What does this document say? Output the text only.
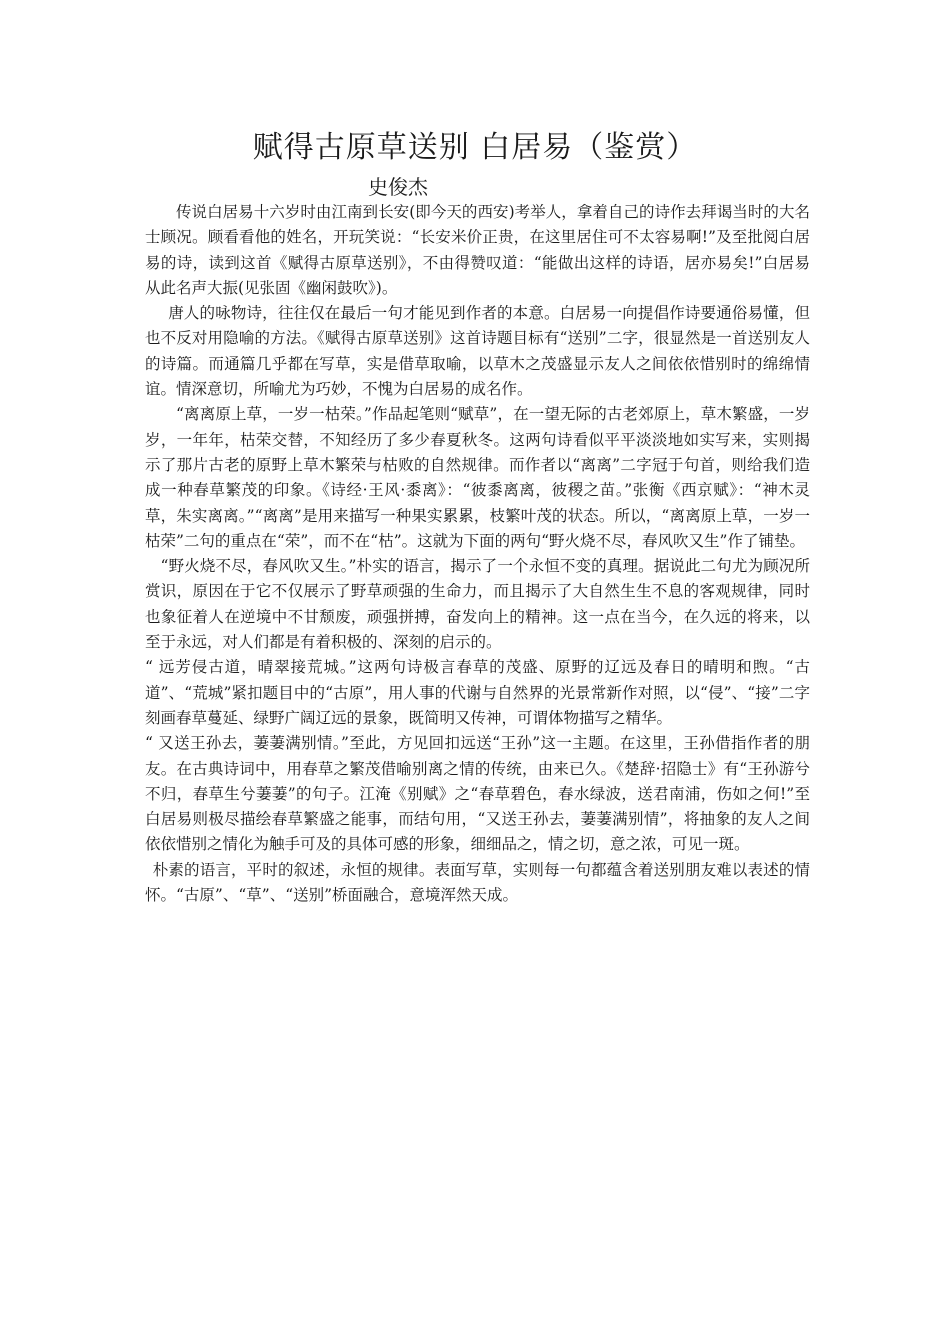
赋得古原草送别 白居易（鉴赏）
史俊杰

传说白居易十六岁时由江南到长安(即今天的西安)考举人，拿着自己的诗作去拜谒当时的大名士顾况。顾看看他的姓名，开玩笑说：“长安米价正贵，在这里居住可不太容易啊!”及至批阅白居易的诗，读到这首《赋得古原草送别》，不由得赞叹道：“能做出这样的诗语，居亦易矣!”白居易从此名声大振(见张固《幽闲鼓吹》)。

唐人的咏物诗，往往仅在最后一句才能见到作者的本意。白居易一向提倡作诗要通俗易懂，但也不反对用隐喻的方法。《赋得古原草送别》这首诗题目标有“送别”二字，很显然是一首送别友人的诗篇。而通篇几乎都在写草，实是借草取喻，以草木之茂盛显示友人之间依依惜别时的绵绵情谊。情深意切，所喻尤为巧妙，不愧为白居易的成名作。

“离离原上草，一岁一枯荣。”作品起笔则“赋草”，在一望无际的古老郊原上，草木繁盛，一岁岁，一年年，枯荣交替，不知经历了多少春夏秋冬。这两句诗看似平平淡淡地如实写来，实则揭示了那片古老的原野上草木繁荣与枯败的自然规律。而作者以“离离”二字冠于句首，则给我们造成一种春草繁茂的印象。《诗经·王风·黍离》：“彼黍离离，彼稷之苗。”张衡《西京赋》：“神木灵草，朱实离离。”“离离”是用来描写一种果实累累，枝繁叶茂的状态。所以，“离离原上草，一岁一枯荣”二句的重点在“荣”，而不在“枯”。这就为下面的两句“野火烧不尽，春风吹又生”作了铺垫。

“野火烧不尽，春风吹又生。”朴实的语言，揭示了一个永恒不变的真理。据说此二句尤为顾况所赏识，原因在于它不仅展示了野草顽强的生命力，而且揭示了大自然生生不息的客观规律，同时也象征着人在逆境中不甘颓废，顽强拼搏，奋发向上的精神。这一点在当今，在久远的将来，以至于永远，对人们都是有着积极的、深刻的启示的。

“ 远芳侵古道，晴翠接荒城。”这两句诗极言春草的茂盛、原野的辽远及春日的晴明和煦。“古道”、“荒城”紧扣题目中的“古原”，用人事的代谢与自然界的光景常新作对照，以“侵”、“接”二字刻画春草蔓延、绿野广阔辽远的景象，既简明又传神，可谓体物描写之精华。

“ 又送王孙去，萋萋满别情。”至此，方见回扣远送“王孙”这一主题。在这里，王孙借指作者的朋友。在古典诗词中，用春草之繁茂借喻别离之情的传统，由来已久。《楚辞·招隐士》有“王孙游兮不归，春草生兮萋萋”的句子。江淹《别赋》之“春草碧色，春水绿波，送君南浦，伤如之何!”至白居易则极尽描绘春草繁盛之能事，而结句用，“又送王孙去，萋萋满别情”，将抽象的友人之间依依惜别之情化为触手可及的具体可感的形象，细细品之，情之切，意之浓，可见一斑。

朴素的语言，平时的叙述，永恒的规律。表面写草，实则每一句都蕴含着送别朋友难以表述的情怀。“古原”、“草”、“送别”桥面融合，意境浑然天成。
